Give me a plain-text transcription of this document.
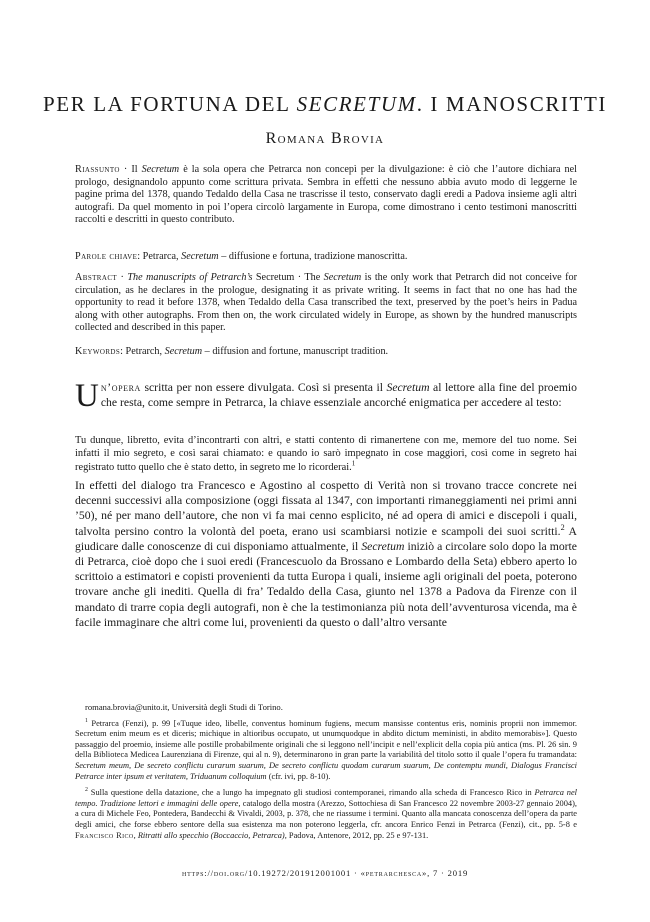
PER LA FORTUNA DEL SECRETUM. I MANOSCRITTI
Romana Brovia
Riassunto · Il Secretum è la sola opera che Petrarca non concepì per la divulgazione: è ciò che l’autore dichiara nel prologo, designandolo appunto come scrittura privata. Sembra in effetti che nessuno abbia avuto modo di leggerne le pagine prima del 1378, quando Tedaldo della Casa ne trascrisse il testo, conservato dagli eredi a Padova insieme agli altri autografi. Da quel momento in poi l’opera circolò largamente in Europa, come dimostrano i cento testimoni manoscritti raccolti e descritti in questo contributo.
Parole chiave: Petrarca, Secretum – diffusione e fortuna, tradizione manoscritta.
Abstract · The manuscripts of Petrarch’s Secretum · The Secretum is the only work that Petrarch did not conceive for circulation, as he declares in the prologue, designating it as private writing. It seems in fact that no one has had the opportunity to read it before 1378, when Tedaldo della Casa transcribed the text, preserved by the poet’s heirs in Padua along with other autographs. From then on, the work circulated widely in Europe, as shown by the hundred manuscripts collected and described in this paper.
Keywords: Petrarch, Secretum – diffusion and fortune, manuscript tradition.
Un’opera scritta per non essere divulgata. Così si presenta il Secretum al lettore alla fine del proemio che resta, come sempre in Petrarca, la chiave essenziale ancorché enigmatica per accedere al testo:
Tu dunque, libretto, evita d’incontrarti con altri, e statti contento di rimanertene con me, memore del tuo nome. Sei infatti il mio segreto, e così sarai chiamato: e quando io sarò impegnato in cose maggiori, così come in segreto hai registrato tutto quello che è stato detto, in segreto me lo ricorderai.$^1$
In effetti del dialogo tra Francesco e Agostino al cospetto di Verità non si trovano tracce concrete nei decenni successivi alla composizione (oggi fissata al 1347, con importanti rimaneggiamenti nei primi anni ’50), né per mano dell’autore, che non vi fa mai cenno esplicito, né ad opera di amici e discepoli i quali, talvolta persino contro la volontà del poeta, erano usi scambiarsi notizie e scampoli dei suoi scritti.$^2$ A giudicare dalle conoscenze di cui disponiamo attualmente, il Secretum iniziò a circolare solo dopo la morte di Petrarca, cioè dopo che i suoi eredi (Francescuolo da Brossano e Lombardo della Seta) ebbero aperto lo scrittoio a estimatori e copisti provenienti da tutta Europa i quali, insieme agli originali del poeta, poterono trovare anche gli inediti. Quella di fra’ Tedaldo della Casa, giunto nel 1378 a Padova da Firenze con il mandato di trarre copia degli autografi, non è che la testimonianza più nota dell’avventurosa vicenda, ma è facile immaginare che altri come lui, provenienti da questo o dall’altro versante
romana.brovia@unito.it, Università degli Studi di Torino.
$^1$ Petrarca (Fenzi), p. 99 [«Tuque ideo, libelle, conventus hominum fugiens, mecum mansisse contentus eris, nominis proprii non immemor. Secretum enim meum es et diceris; michique in altioribus occupato, ut unumquodque in abdito dictum meministi, in abdito memorabis»]. Questo passaggio del proemio, insieme alle postille probabilmente originali che si leggono nell’incipit e nell’explicit della copia più antica (ms. Pl. 26 sin. 9 della Biblioteca Medicea Laurenziana di Firenze, qui al n. 9), determinarono in gran parte la variabilità del titolo sotto il quale l’opera fu tramandata: Secretum meum, De secreto conflictu curarum suarum, De secreto conflictu quodam curarum suarum, De contemptu mundi, Dialogus Francisci Petrarce inter ipsum et veritatem, Triduanum colloquium (cfr. ivi, pp. 8-10).
$^2$ Sulla questione della datazione, che a lungo ha impegnato gli studiosi contemporanei, rimando alla scheda di Francesco Rico in Petrarca nel tempo. Tradizione lettori e immagini delle opere, catalogo della mostra (Arezzo, Sottochiesa di San Francesco 22 novembre 2003-27 gennaio 2004), a cura di Michele Feo, Pontedera, Bandecchi & Vivaldi, 2003, p. 378, che ne riassume i termini. Quanto alla mancata conoscenza dell’opera da parte degli amici, che forse ebbero sentore della sua esistenza ma non poterono leggerla, cfr. ancora Enrico Fenzi in Petrarca (Fenzi), cit., pp. 5-8 e Francisco Rico, Ritratti allo specchio (Boccaccio, Petrarca), Padova, Antenore, 2012, pp. 25 e 97-131.
https://doi.org/10.19272/201912001001 · «petrarchesca», 7 · 2019
